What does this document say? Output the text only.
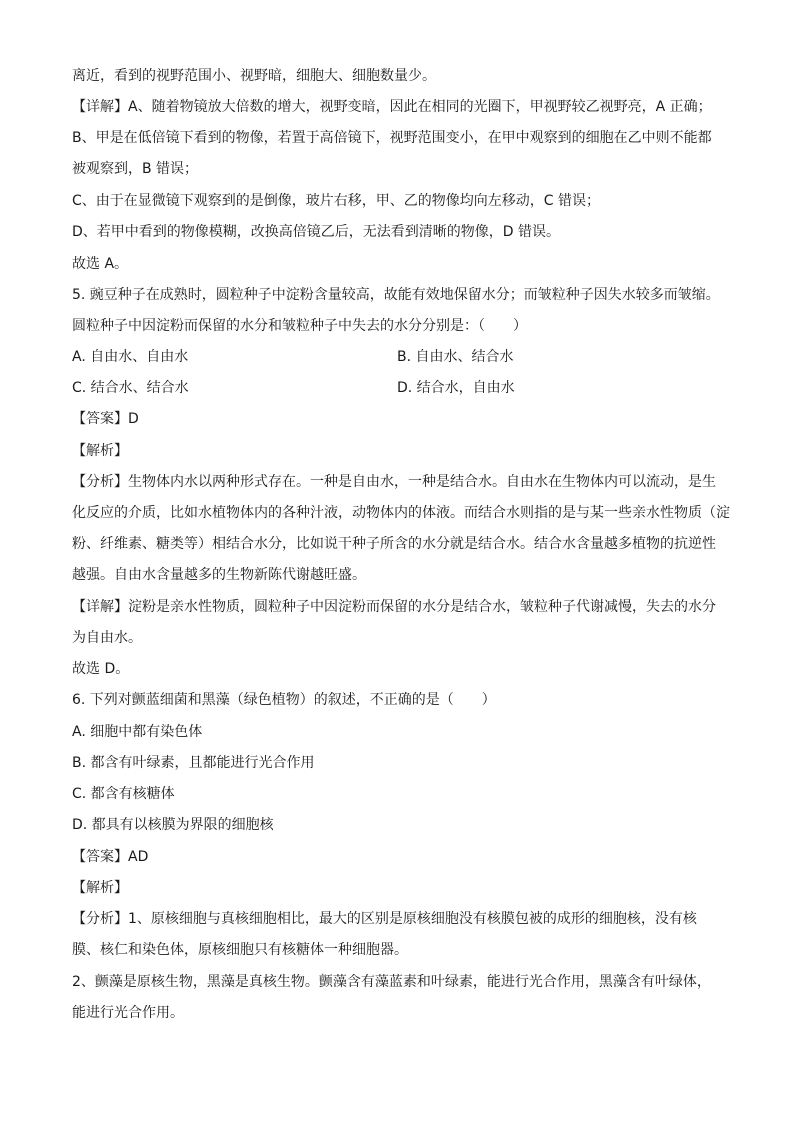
离近，看到的视野范围小、视野暗，细胞大、细胞数量少。
【详解】A、随着物镜放大倍数的增大，视野变暗，因此在相同的光圈下，甲视野较乙视野亮，A 正确；
B、甲是在低倍镜下看到的物像，若置于高倍镜下，视野范围变小，在甲中观察到的细胞在乙中则不能都
被观察到，B 错误；
C、由于在显微镜下观察到的是倒像，玻片右移，甲、乙的物像均向左移动，C 错误；
D、若甲中看到的物像模糊，改换高倍镜乙后，无法看到清晰的物像，D 错误。
故选 A。
5. 豌豆种子在成熟时，圆粒种子中淀粉含量较高，故能有效地保留水分；而皱粒种子因失水较多而皱缩。
圆粒种子中因淀粉而保留的水分和皱粒种子中失去的水分分别是：（　　）
A. 自由水、自由水	B. 自由水、结合水
C. 结合水、结合水	D. 结合水，自由水
【答案】D
【解析】
【分析】生物体内水以两种形式存在。一种是自由水，一种是结合水。自由水在生物体内可以流动，是生
化反应的介质，比如水植物体内的各种汁液，动物体内的体液。而结合水则指的是与某一些亲水性物质（淀
粉、纤维素、糖类等）相结合水分，比如说干种子所含的水分就是结合水。结合水含量越多植物的抗逆性
越强。自由水含量越多的生物新陈代谢越旺盛。
【详解】淀粉是亲水性物质，圆粒种子中因淀粉而保留的水分是结合水，皱粒种子代谢减慢，失去的水分
为自由水。
故选 D。
6. 下列对颤蓝细菌和黑藻（绿色植物）的叙述，不正确的是（　　）
A. 细胞中都有染色体
B. 都含有叶绿素，且都能进行光合作用
C. 都含有核糖体
D. 都具有以核膜为界限的细胞核
【答案】AD
【解析】
【分析】1、原核细胞与真核细胞相比，最大的区别是原核细胞没有核膜包被的成形的细胞核，没有核
膜、核仁和染色体，原核细胞只有核糖体一种细胞器。
2、颤藻是原核生物，黑藻是真核生物。颤藻含有藻蓝素和叶绿素，能进行光合作用，黑藻含有叶绿体，
能进行光合作用。
